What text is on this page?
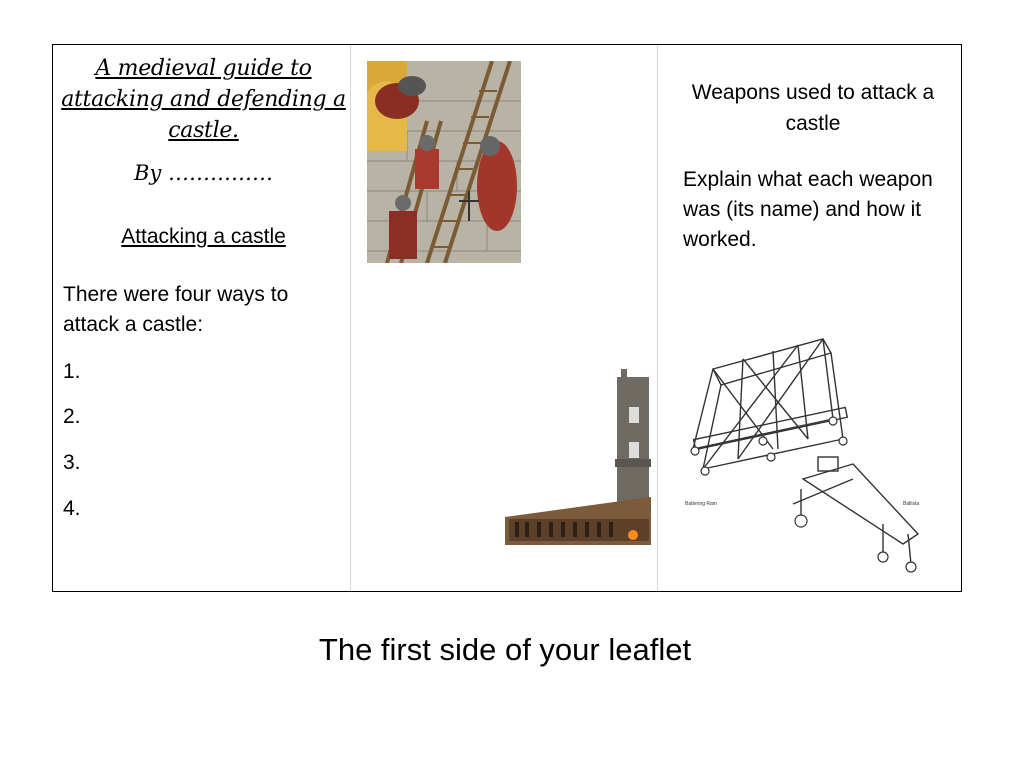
A medieval guide to attacking and defending a castle.
By ……………
Attacking a castle
There were four ways to attack a castle:
1.
2.
3.
4.
Weapons used to attack a castle
Explain what each weapon was (its name) and how it worked.
Battering Ram	Ballista
The first side of your leaflet
